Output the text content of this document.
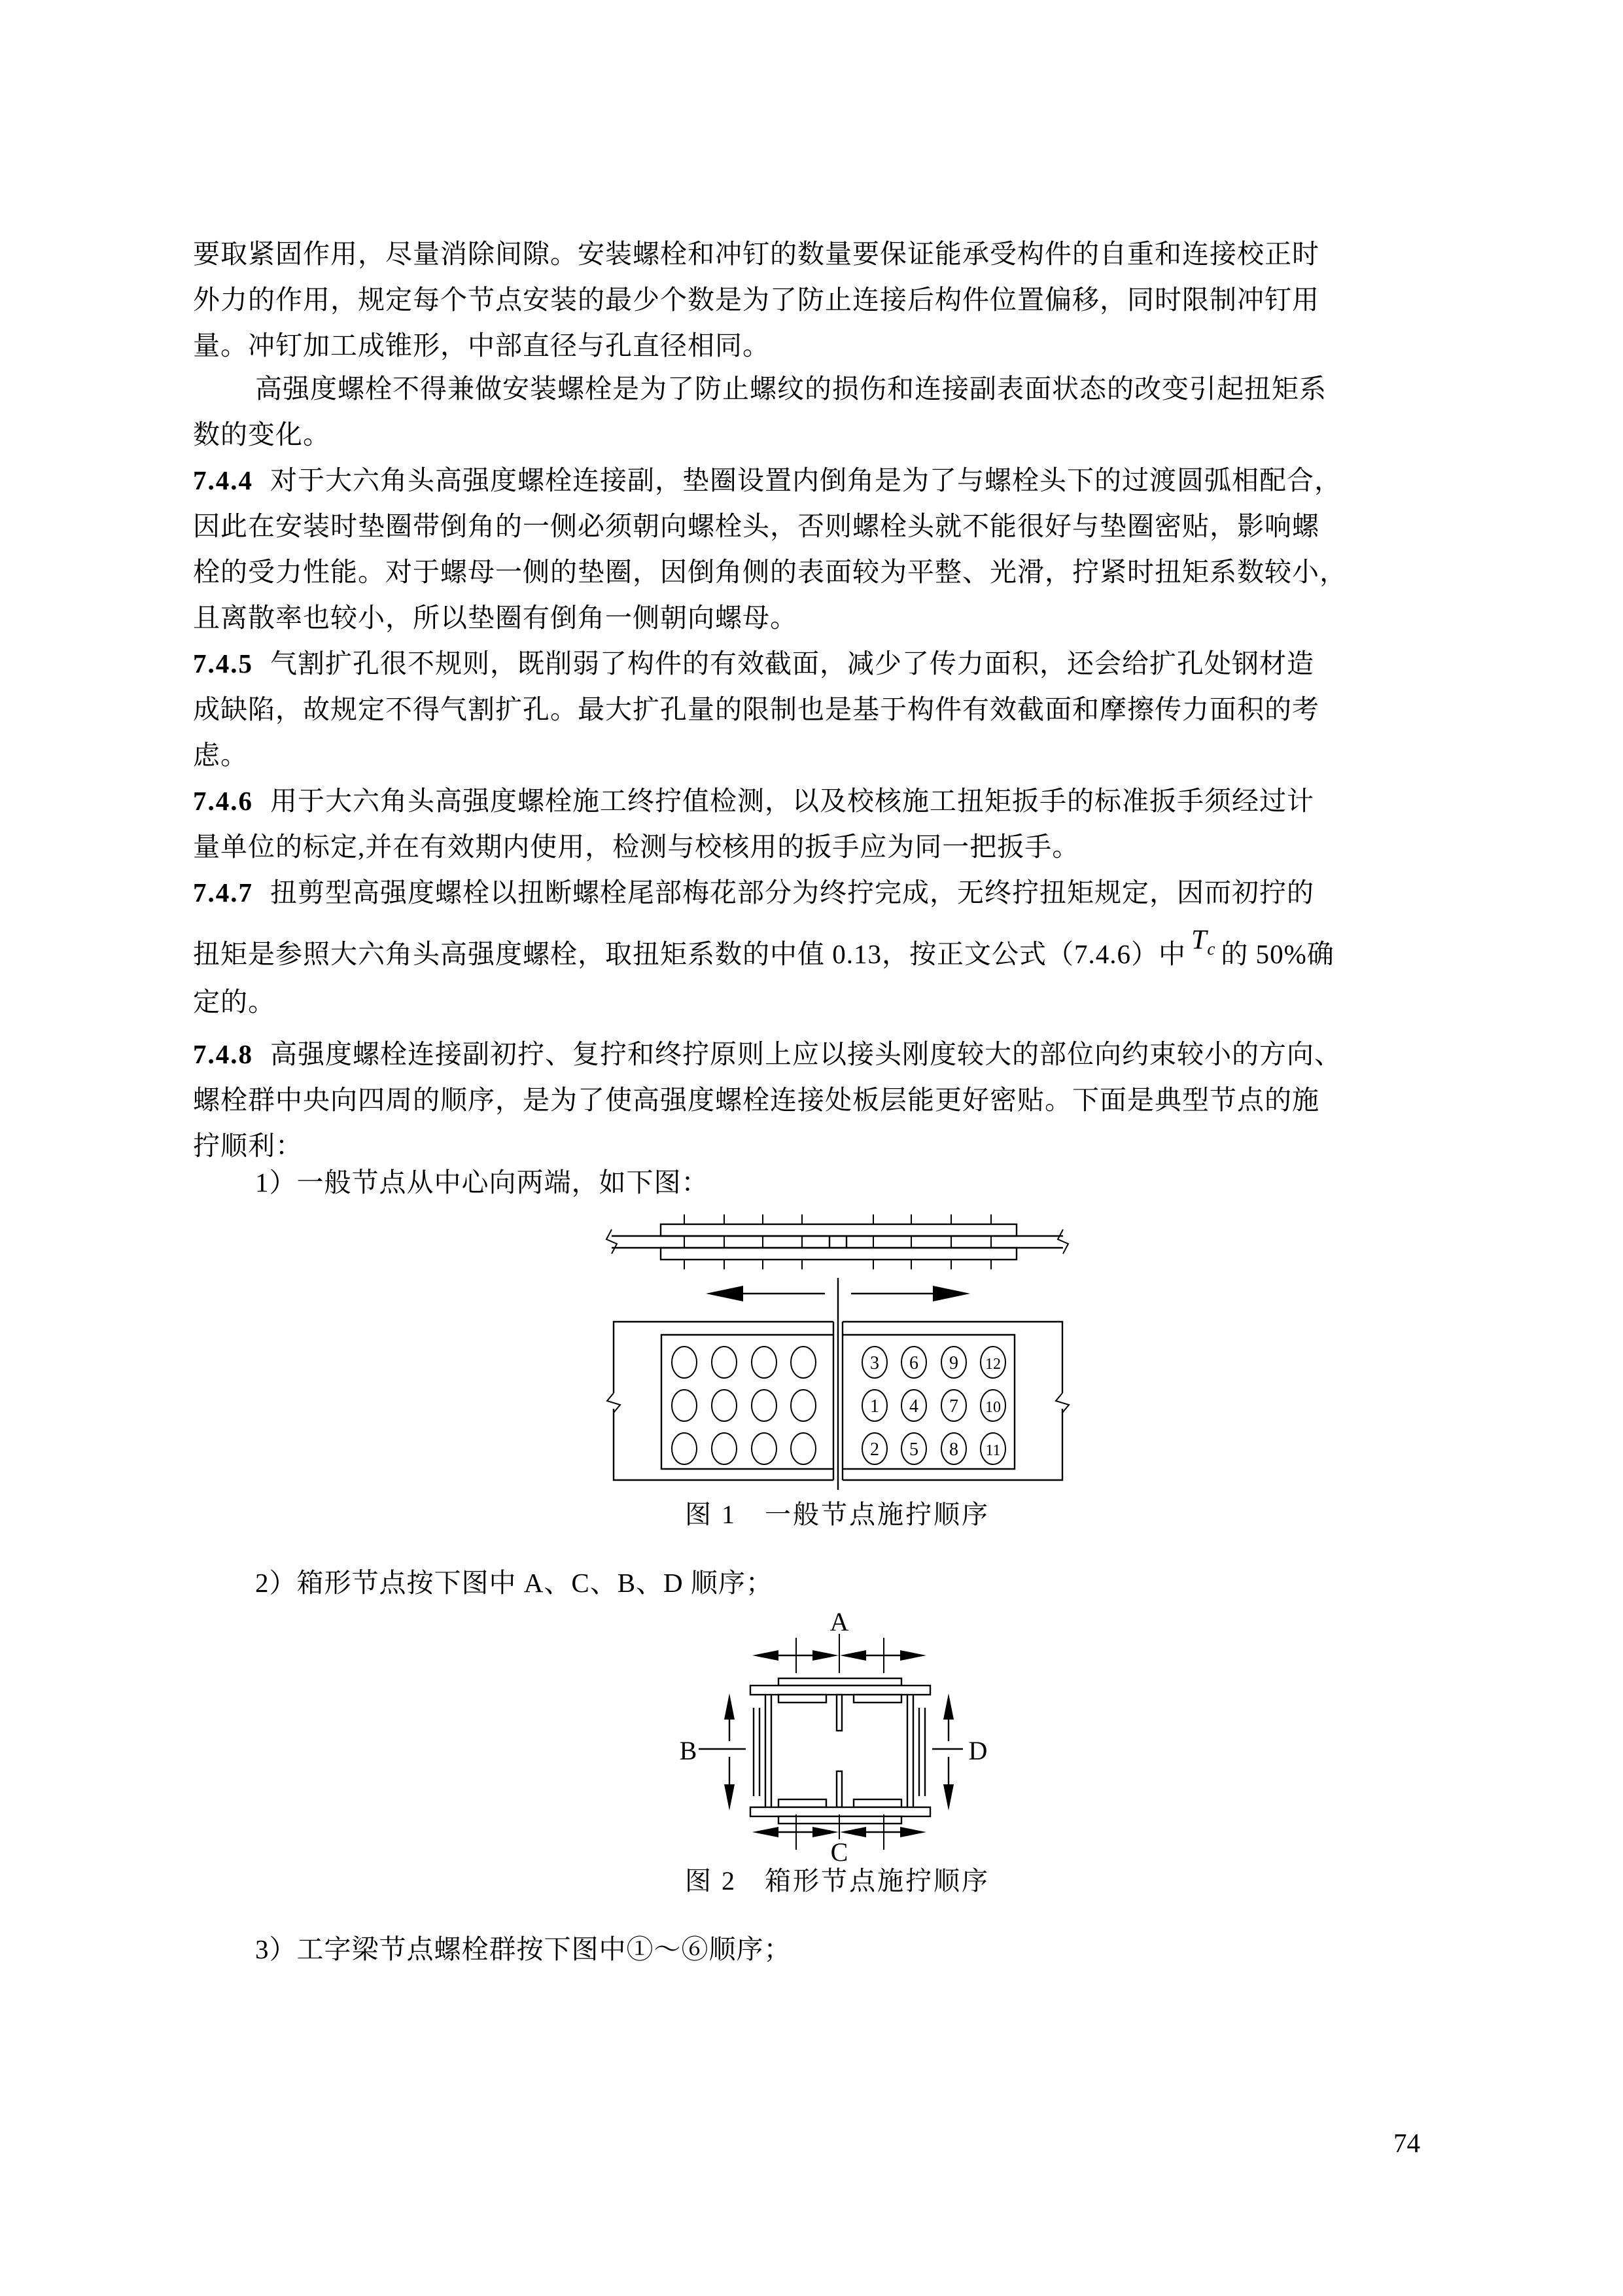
要取紧固作用，尽量消除间隙。安装螺栓和冲钉的数量要保证能承受构件的自重和连接校正时
外力的作用，规定每个节点安装的最少个数是为了防止连接后构件位置偏移，同时限制冲钉用
量。冲钉加工成锥形，中部直径与孔直径相同。
高强度螺栓不得兼做安装螺栓是为了防止螺纹的损伤和连接副表面状态的改变引起扭矩系
数的变化。
7.4.4 对于大六角头高强度螺栓连接副，垫圈设置内倒角是为了与螺栓头下的过渡圆弧相配合，
因此在安装时垫圈带倒角的一侧必须朝向螺栓头，否则螺栓头就不能很好与垫圈密贴，影响螺
栓的受力性能。对于螺母一侧的垫圈，因倒角侧的表面较为平整、光滑，拧紧时扭矩系数较小，
且离散率也较小，所以垫圈有倒角一侧朝向螺母。
7.4.5 气割扩孔很不规则，既削弱了构件的有效截面，减少了传力面积，还会给扩孔处钢材造
成缺陷，故规定不得气割扩孔。最大扩孔量的限制也是基于构件有效截面和摩擦传力面积的考
虑。
7.4.6 用于大六角头高强度螺栓施工终拧值检测，以及校核施工扭矩扳手的标准扳手须经过计
量单位的标定,并在有效期内使用，检测与校核用的扳手应为同一把扳手。
7.4.7 扭剪型高强度螺栓以扭断螺栓尾部梅花部分为终拧完成，无终拧扭矩规定，因而初拧的
扭矩是参照大六角头高强度螺栓，取扭矩系数的中值 0.13，按正文公式（7.4.6）中 $T_c$ 的 50%确
定的。
7.4.8 高强度螺栓连接副初拧、复拧和终拧原则上应以接头刚度较大的部位向约束较小的方向、
螺栓群中央向四周的顺序，是为了使高强度螺栓连接处板层能更好密贴。下面是典型节点的施
拧顺利：
1）一般节点从中心向两端，如下图：
3 6 9 12
1 4 7 10
2 5 8 11
图 1　一般节点施拧顺序
2）箱形节点按下图中 A、C、B、D 顺序；
A
C
B	D
图 2　箱形节点施拧顺序
3）工字梁节点螺栓群按下图中①～⑥顺序；
74
